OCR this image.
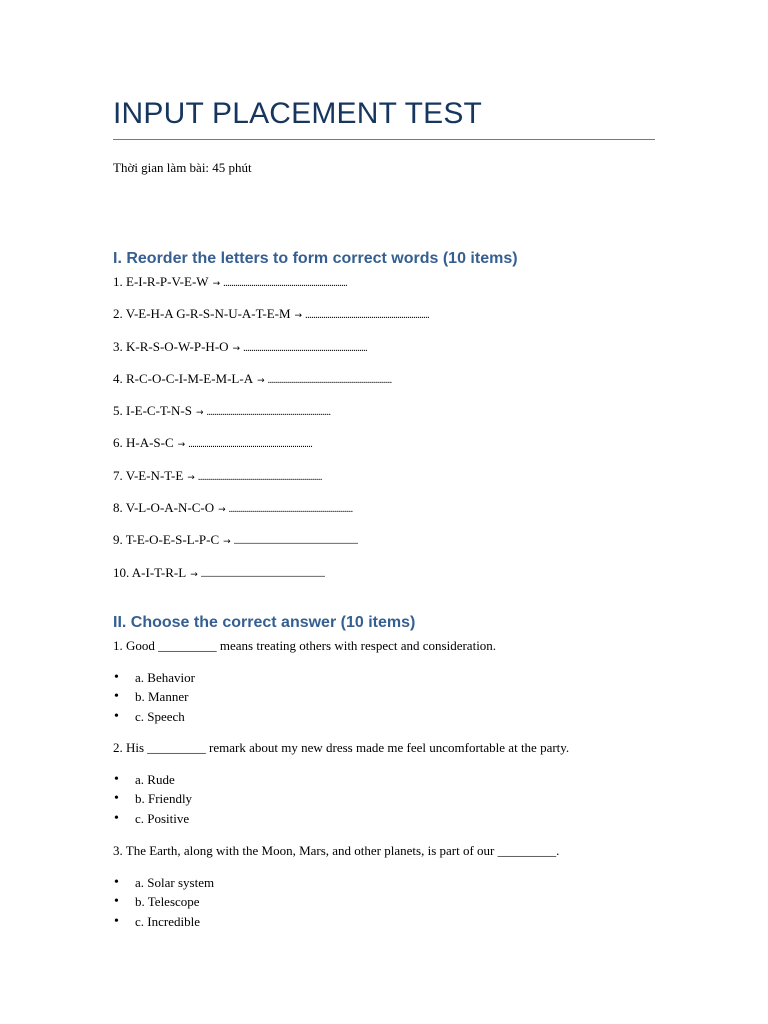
INPUT PLACEMENT TEST
Thời gian làm bài: 45 phút
I. Reorder the letters to form correct words (10 items)
1. E-I-R-P-V-E-W → ..............................................................
2. V-E-H-A G-R-S-N-U-A-T-E-M → ..............................................................
3. K-R-S-O-W-P-H-O → ..............................................................
4. R-C-O-C-I-M-E-M-L-A → ..............................................................
5. I-E-C-T-N-S → ..............................................................
6. H-A-S-C → ..............................................................
7. V-E-N-T-E → ..............................................................
8. V-L-O-A-N-C-O → ..............................................................
9. T-E-O-E-S-L-P-C → ..............................................................
10. A-I-T-R-L → ..............................................................
II. Choose the correct answer (10 items)
1. Good _________ means treating others with respect and consideration.
• a. Behavior
• b. Manner
• c. Speech
2. His _________ remark about my new dress made me feel uncomfortable at the party.
• a. Rude
• b. Friendly
• c. Positive
3. The Earth, along with the Moon, Mars, and other planets, is part of our _________.
• a. Solar system
• b. Telescope
• c. Incredible
